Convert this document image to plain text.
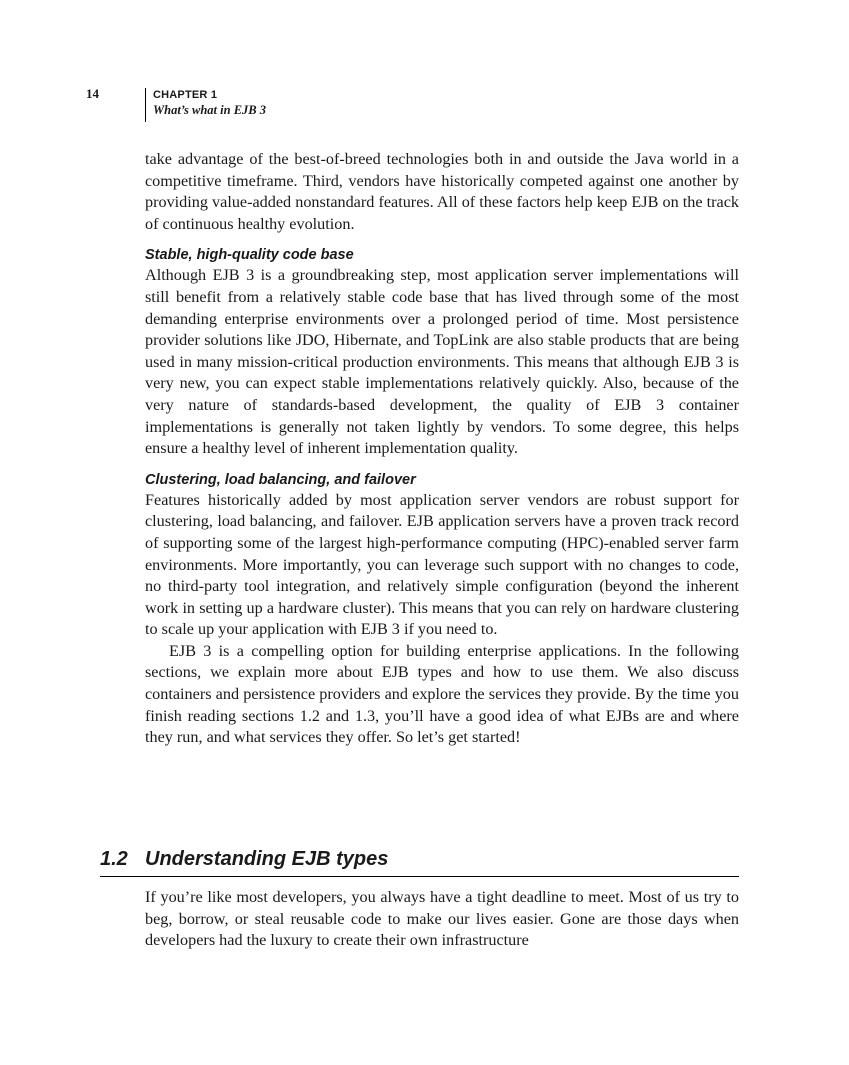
14	CHAPTER 1
What’s what in EJB 3

take advantage of the best-of-breed technologies both in and outside the Java world in a competitive timeframe. Third, vendors have historically competed against one another by providing value-added nonstandard features. All of these factors help keep EJB on the track of continuous healthy evolution.

Stable, high-quality code base

Although EJB 3 is a groundbreaking step, most application server implementations will still benefit from a relatively stable code base that has lived through some of the most demanding enterprise environments over a prolonged period of time. Most persistence provider solutions like JDO, Hibernate, and TopLink are also stable products that are being used in many mission-critical production environments. This means that although EJB 3 is very new, you can expect stable implementations relatively quickly. Also, because of the very nature of standards-based development, the quality of EJB 3 container implementations is generally not taken lightly by vendors. To some degree, this helps ensure a healthy level of inherent implementation quality.

Clustering, load balancing, and failover

Features historically added by most application server vendors are robust support for clustering, load balancing, and failover. EJB application servers have a proven track record of supporting some of the largest high-performance computing (HPC)-enabled server farm environments. More importantly, you can leverage such support with no changes to code, no third-party tool integration, and relatively simple configuration (beyond the inherent work in setting up a hardware cluster). This means that you can rely on hardware clustering to scale up your application with EJB 3 if you need to.

EJB 3 is a compelling option for building enterprise applications. In the following sections, we explain more about EJB types and how to use them. We also discuss containers and persistence providers and explore the services they provide. By the time you finish reading sections 1.2 and 1.3, you’ll have a good idea of what EJBs are and where they run, and what services they offer. So let’s get started!

1.2 Understanding EJB types

If you’re like most developers, you always have a tight deadline to meet. Most of us try to beg, borrow, or steal reusable code to make our lives easier. Gone are those days when developers had the luxury to create their own infrastructure
